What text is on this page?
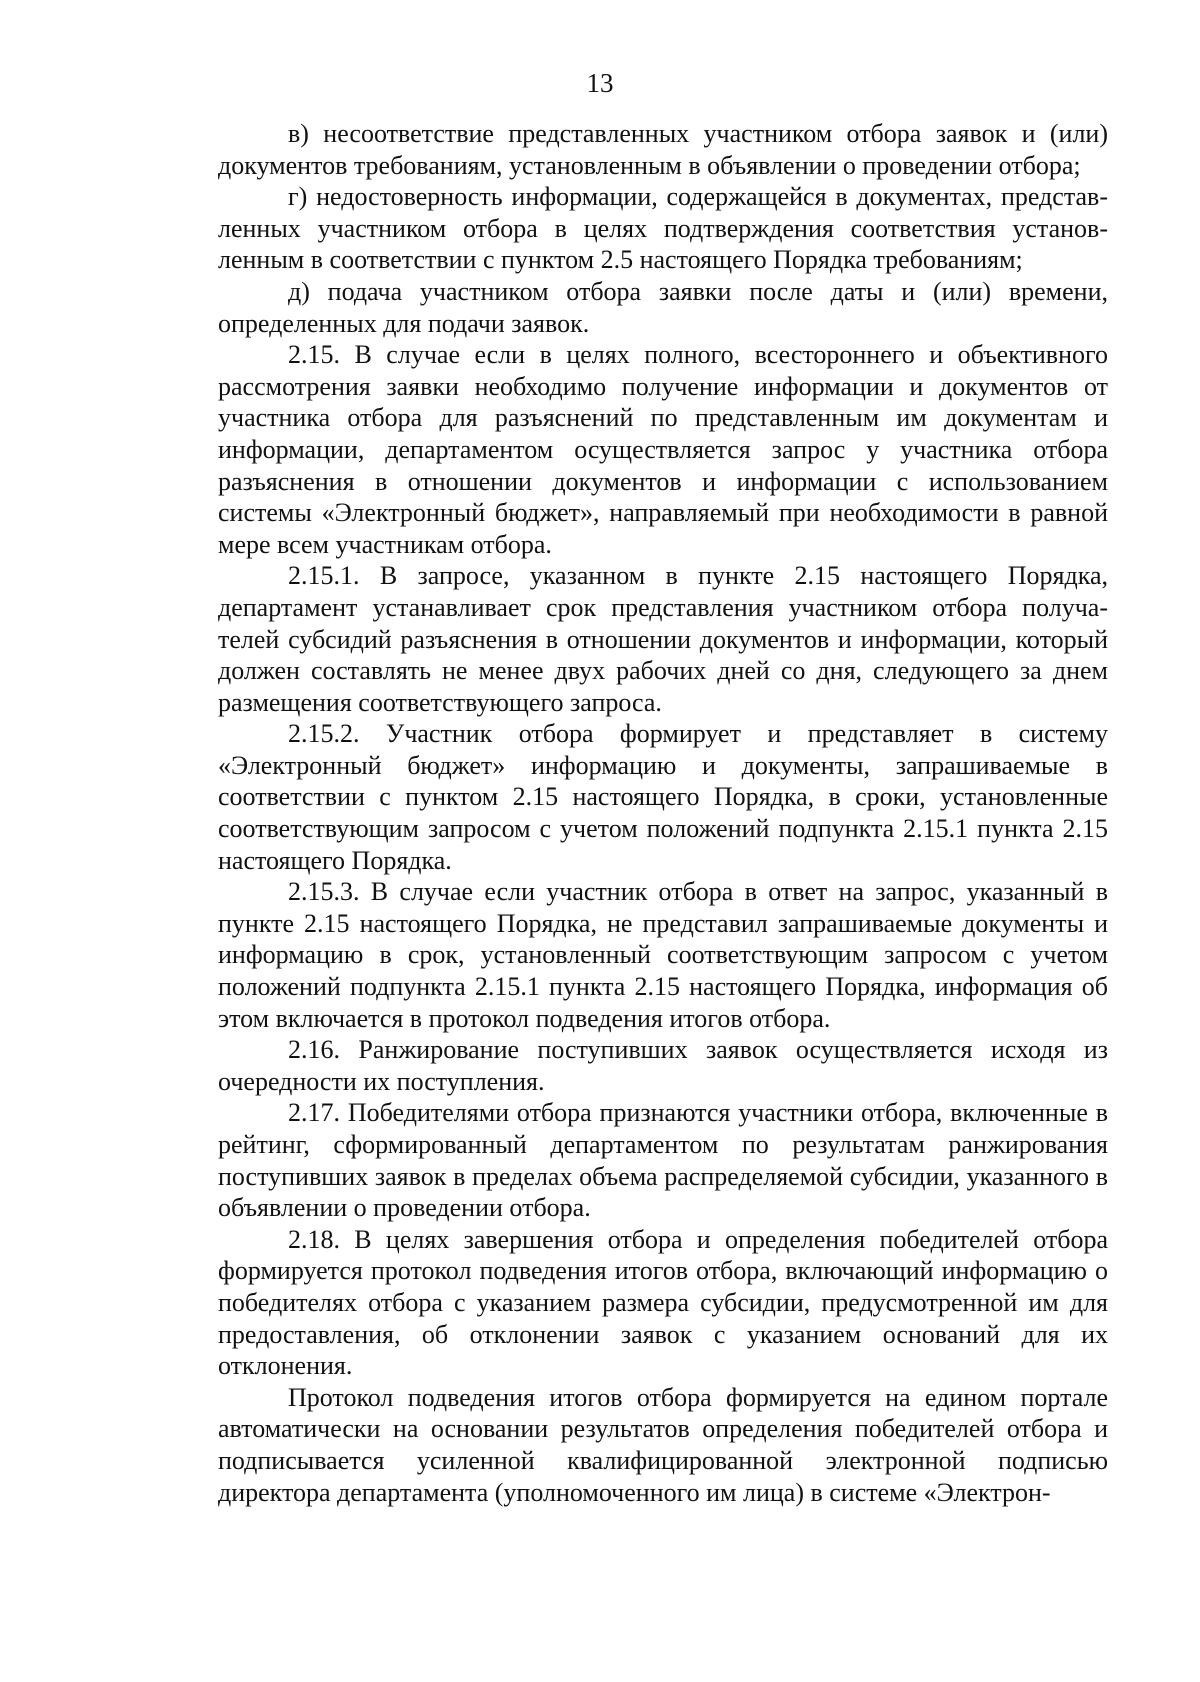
13

в) несоответствие представленных участником отбора заявок и (или) документов требованиям, установленным в объявлении о проведении отбора;

г) недостоверность информации, содержащейся в документах, представленных участником отбора в целях подтверждения соответствия установленным в соответствии с пунктом 2.5 настоящего Порядка требованиям;

д) подача участником отбора заявки после даты и (или) времени, определенных для подачи заявок.

2.15. В случае если в целях полного, всестороннего и объективного рассмотрения заявки необходимо получение информации и документов от участника отбора для разъяснений по представленным им документам и информации, департаментом осуществляется запрос у участника отбора разъяснения в отношении документов и информации с использованием системы «Электронный бюджет», направляемый при необходимости в равной мере всем участникам отбора.

2.15.1. В запросе, указанном в пункте 2.15 настоящего Порядка, департамент устанавливает срок представления участником отбора получателей субсидий разъяснения в отношении документов и информации, который должен составлять не менее двух рабочих дней со дня, следующего за днем размещения соответствующего запроса.

2.15.2. Участник отбора формирует и представляет в систему «Электронный бюджет» информацию и документы, запрашиваемые в соответствии с пунктом 2.15 настоящего Порядка, в сроки, установленные соответствующим запросом с учетом положений подпункта 2.15.1 пункта 2.15 настоящего Порядка.

2.15.3. В случае если участник отбора в ответ на запрос, указанный в пункте 2.15 настоящего Порядка, не представил запрашиваемые документы и информацию в срок, установленный соответствующим запросом с учетом положений подпункта 2.15.1 пункта 2.15 настоящего Порядка, информация об этом включается в протокол подведения итогов отбора.

2.16. Ранжирование поступивших заявок осуществляется исходя из очередности их поступления.

2.17. Победителями отбора признаются участники отбора, включенные в рейтинг, сформированный департаментом по результатам ранжирования поступивших заявок в пределах объема распределяемой субсидии, указанного в объявлении о проведении отбора.

2.18. В целях завершения отбора и определения победителей отбора формируется протокол подведения итогов отбора, включающий информацию о победителях отбора с указанием размера субсидии, предусмотренной им для предоставления, об отклонении заявок с указанием оснований для их отклонения.

Протокол подведения итогов отбора формируется на едином портале автоматически на основании результатов определения победителей отбора и подписывается усиленной квалифицированной электронной подписью директора департамента (уполномоченного им лица) в системе «Электрон-
